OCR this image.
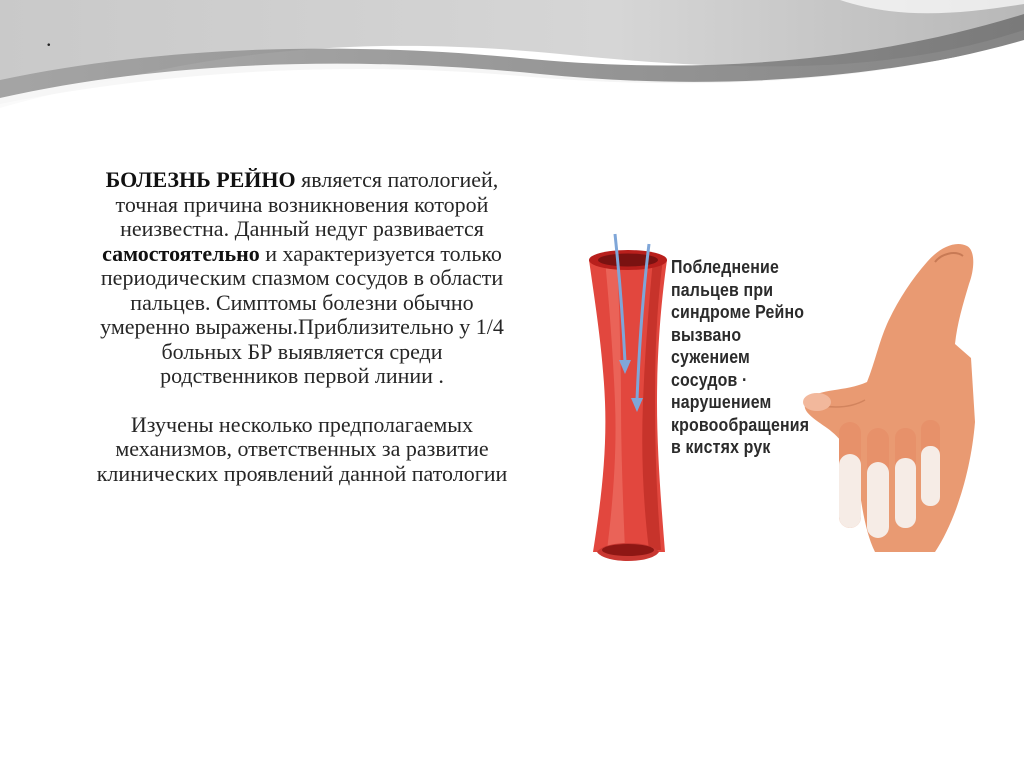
.

БОЛЕЗНЬ РЕЙНО является патологией, точная причина возникновения которой неизвестна. Данный недуг развивается самостоятельно и характеризуется только периодическим спазмом сосудов в области пальцев. Симптомы болезни обычно умеренно выражены.Приблизительно у 1/4 больных БР выявляется среди родственников первой линии .

Изучены несколько предполагаемых механизмов, ответственных за развитие клинических проявлений данной патологии

Побледнение
пальцев при
синдроме Рейно
вызвано
сужением
сосудов ·
нарушением
кровообращения
в кистях рук
